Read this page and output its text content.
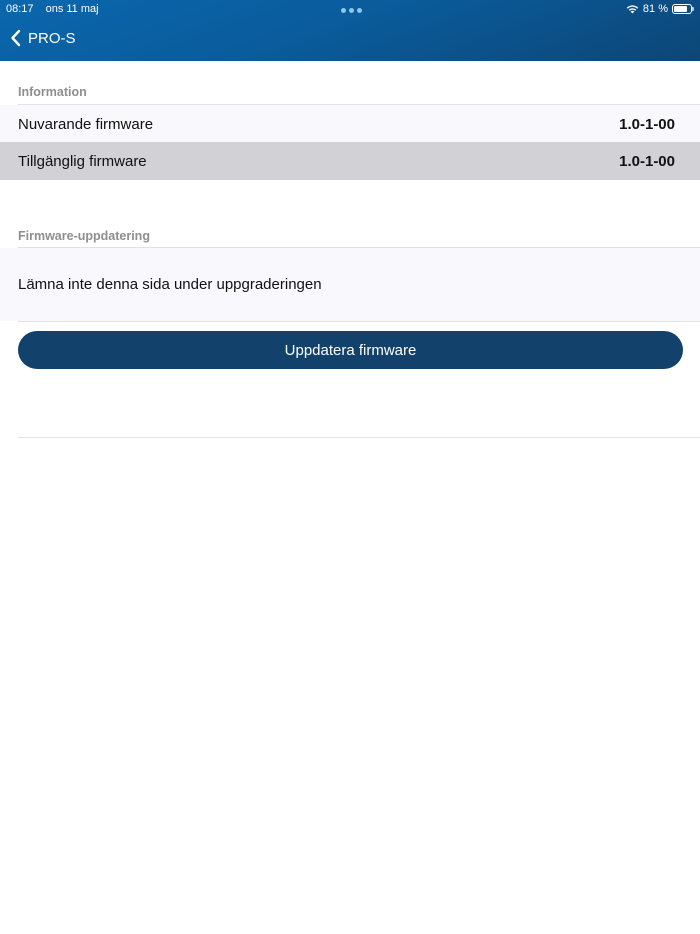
08:17 ons 11 maj	81 %
PRO-S
Information
Nuvarande firmware	1.0-1-00
Tillgänglig firmware	1.0-1-00
Firmware-uppdatering
Lämna inte denna sida under uppgraderingen
Uppdatera firmware
